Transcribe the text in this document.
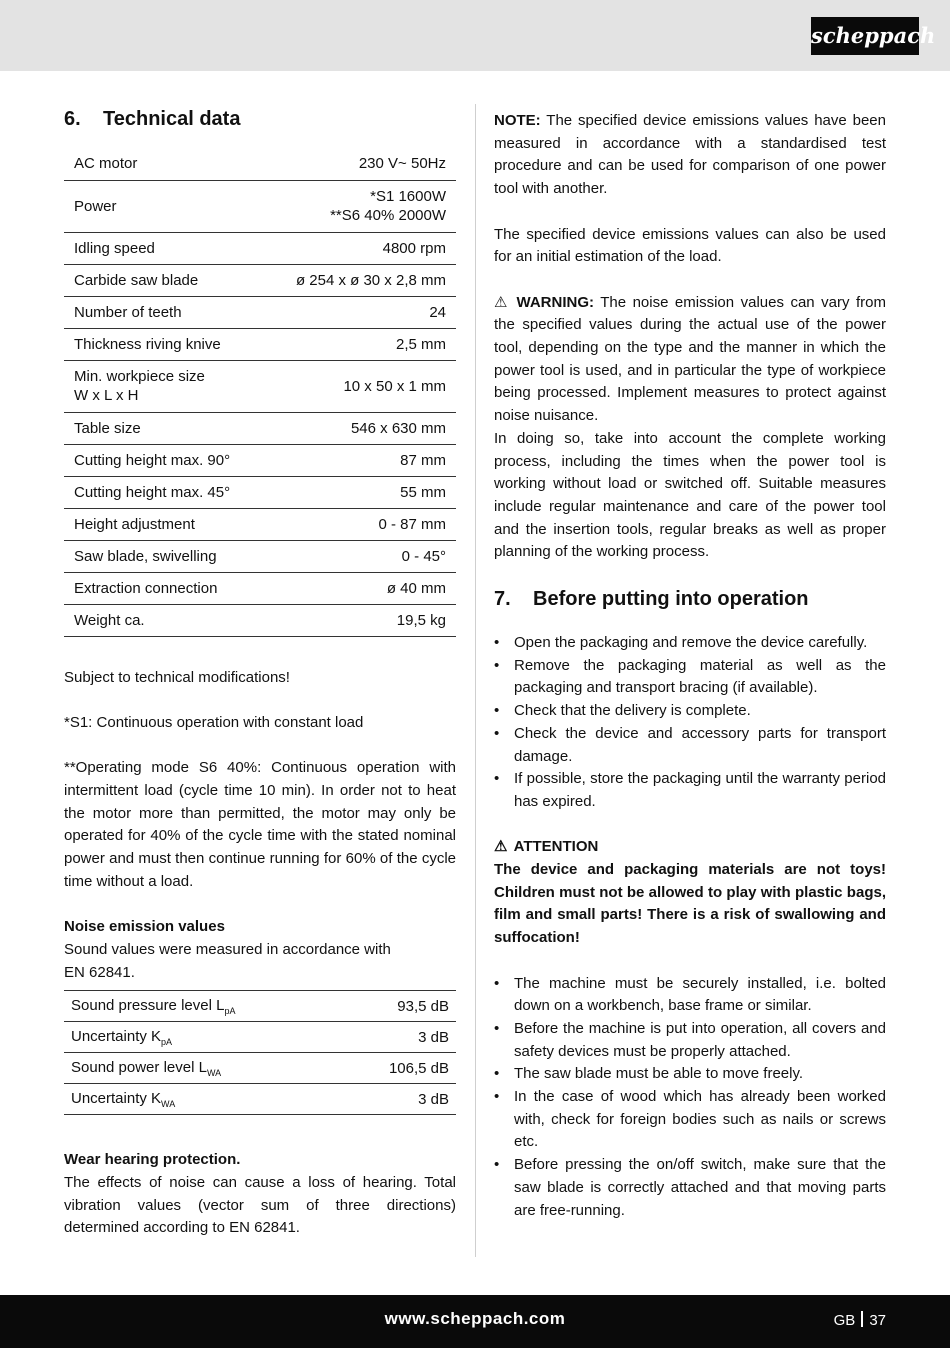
scheppach
6.	Technical data
AC motor	230 V~ 50Hz
Power	*S1 1600W
**S6 40% 2000W

Idling speed	4800 rpm
Carbide saw blade	ø 254 x ø 30 x 2,8 mm
Number of teeth	24
Thickness riving knive	2,5 mm

Min. workpiece size
W x L x H	10 x 50 x 1 mm
Table size	546 x 630 mm
Cutting height max. 90°	87 mm
Cutting height max. 45°	55 mm
Height adjustment	0 - 87 mm
Saw blade, swivelling	0 - 45°
Extraction connection	ø 40 mm
Weight ca.	19,5 kg

Subject to technical modifications!

*S1: Continuous operation with constant load

**Operating mode S6 40%: Continuous operation with intermittent load (cycle time 10 min). In order not to heat the motor more than permitted, the motor may only be operated for 40% of the cycle time with the stated nominal power and must then continue running for 60% of the cycle time without a load.

Noise emission values

Sound values were measured in accordance with

EN 62841.

Sound pressure level $L_{pA}$	93,5 dB
Uncertainty $K_{pA}$	3 dB
Sound power level $L_{WA}$	106,5 dB
Uncertainty $K_{WA}$	3 dB

Wear hearing protection.

The effects of noise can cause a loss of hearing. Total vibration values (vector sum of three directions) determined according to EN 62841.

NOTE: The specified device emissions values have been measured in accordance with a standardised test procedure and can be used for comparison of one power tool with another.

The specified device emissions values can also be used for an initial estimation of the load.

⚠ WARNING: The noise emission values can vary from the specified values during the actual use of the power tool, depending on the type and the manner in which the power tool is used, and in particular the type of workpiece being processed. Implement measures to protect against noise nuisance.

In doing so, take into account the complete working process, including the times when the power tool is working without load or switched off. Suitable measures include regular maintenance and care of the power tool and the insertion tools, regular breaks as well as proper planning of the working process.

7.	Before putting into operation
• Open the packaging and remove the device carefully.
• Remove the packaging material as well as the packaging and transport bracing (if available).
• Check that the delivery is complete.
• Check the device and accessory parts for transport damage.
• If possible, store the packaging until the warranty period has expired.

⚠ ATTENTION

The device and packaging materials are not toys! Children must not be allowed to play with plastic bags, film and small parts! There is a risk of swallowing and suffocation!

• The machine must be securely installed, i.e. bolted down on a workbench, base frame or similar.
• Before the machine is put into operation, all covers and safety devices must be properly attached.
• The saw blade must be able to move freely.
• In the case of wood which has already been worked with, check for foreign bodies such as nails or screws etc.
• Before pressing the on/off switch, make sure that the saw blade is correctly attached and that moving parts are free-running.
www.scheppach.com	GB 37
